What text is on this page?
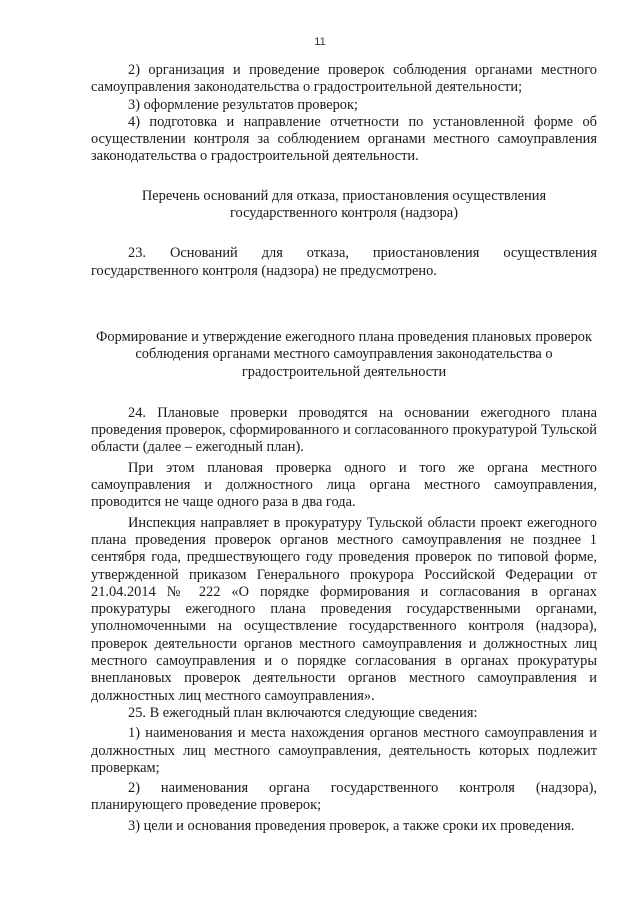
11

2) организация и проведение проверок соблюдения органами местного самоуправления законодательства о градостроительной деятельности;

3) оформление результатов проверок;

4) подготовка и направление отчетности по установленной форме об осуществлении контроля за соблюдением органами местного самоуправления законодательства о градостроительной деятельности.

Перечень оснований для отказа, приостановления осуществления государственного контроля (надзора)

23. Оснований для отказа, приостановления осуществления государственного контроля (надзора) не предусмотрено.

Формирование и утверждение ежегодного плана проведения плановых проверок соблюдения органами местного самоуправления законодательства о градостроительной деятельности

24. Плановые проверки проводятся на основании ежегодного плана проведения проверок, сформированного и согласованного прокуратурой Тульской области (далее – ежегодный план).

При этом плановая проверка одного и того же органа местного самоуправления и должностного лица органа местного самоуправления, проводится не чаще одного раза в два года.

Инспекция направляет в прокуратуру Тульской области проект ежегодного плана проведения проверок органов местного самоуправления не позднее 1 сентября года, предшествующего году проведения проверок по типовой форме, утвержденной приказом Генерального прокурора Российской Федерации от 21.04.2014 № 222 «О порядке формирования и согласования в органах прокуратуры ежегодного плана проведения государственными органами, уполномоченными на осуществление государственного контроля (надзора), проверок деятельности органов местного самоуправления и должностных лиц местного самоуправления и о порядке согласования в органах прокуратуры внеплановых проверок деятельности органов местного самоуправления и должностных лиц местного самоуправления».

25. В ежегодный план включаются следующие сведения:

1) наименования и места нахождения органов местного самоуправления и должностных лиц местного самоуправления, деятельность которых подлежит проверкам;

2) наименования органа государственного контроля (надзора), планирующего проведение проверок;

3) цели и основания проведения проверок, а также сроки их проведения.
